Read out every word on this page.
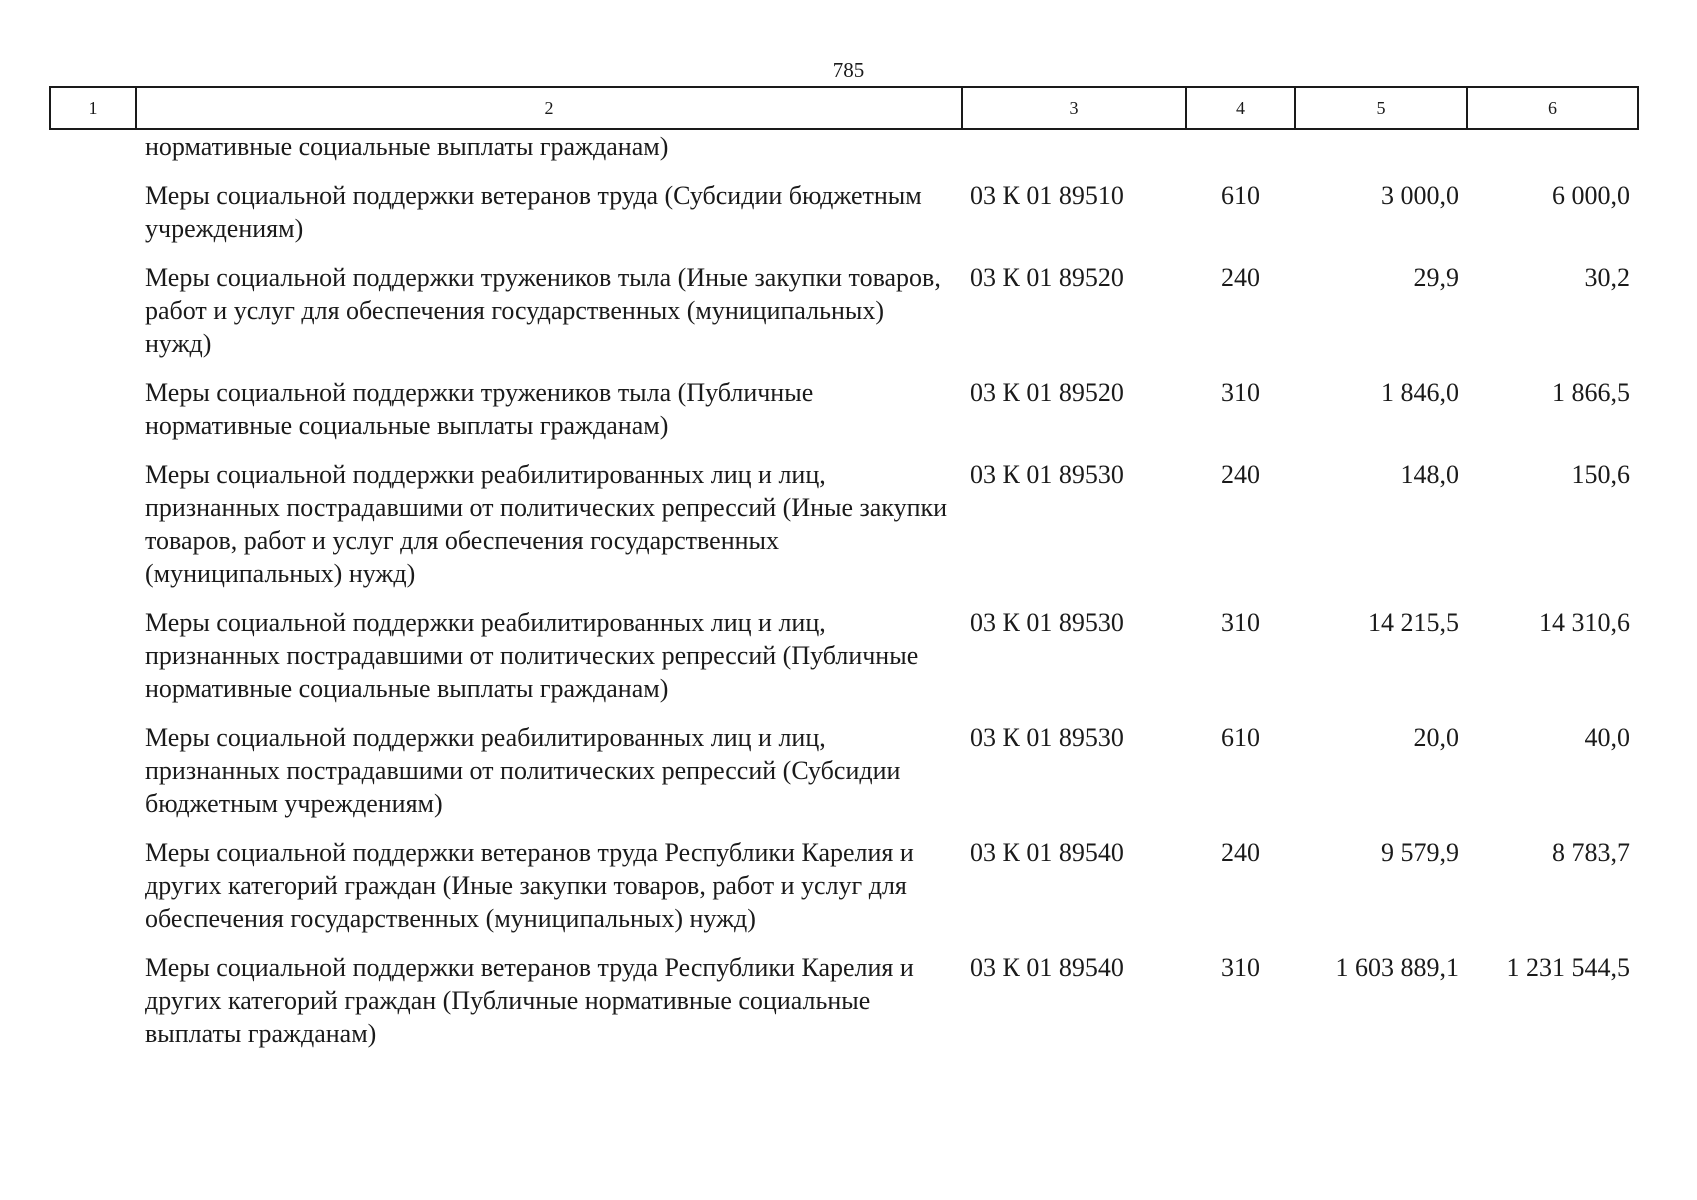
785
1	2	3	4	5	6
	нормативные социальные выплаты гражданам)				
	Меры социальной поддержки ветеранов труда (Субсидии бюджетным учреждениям)	03 К 01 89510	610	3 000,0	6 000,0
	Меры социальной поддержки тружеников тыла (Иные закупки товаров, работ и услуг для обеспечения государственных (муниципальных) нужд)	03 К 01 89520	240	29,9	30,2
	Меры социальной поддержки тружеников тыла (Публичные нормативные социальные выплаты гражданам)	03 К 01 89520	310	1 846,0	1 866,5
	Меры социальной поддержки реабилитированных лиц и лиц, признанных пострадавшими от политических репрессий (Иные закупки товаров, работ и услуг для обеспечения государственных (муниципальных) нужд)	03 К 01 89530	240	148,0	150,6
	Меры социальной поддержки реабилитированных лиц и лиц, признанных пострадавшими от политических репрессий (Публичные нормативные социальные выплаты гражданам)	03 К 01 89530	310	14 215,5	14 310,6
	Меры социальной поддержки реабилитированных лиц и лиц, признанных пострадавшими от политических репрессий (Субсидии бюджетным учреждениям)	03 К 01 89530	610	20,0	40,0
	Меры социальной поддержки ветеранов труда Республики Карелия и других категорий граждан (Иные закупки товаров, работ и услуг для обеспечения государственных (муниципальных) нужд)	03 К 01 89540	240	9 579,9	8 783,7
	Меры социальной поддержки ветеранов труда Республики Карелия и других категорий граждан (Публичные нормативные социальные выплаты гражданам)	03 К 01 89540	310	1 603 889,1	1 231 544,5
